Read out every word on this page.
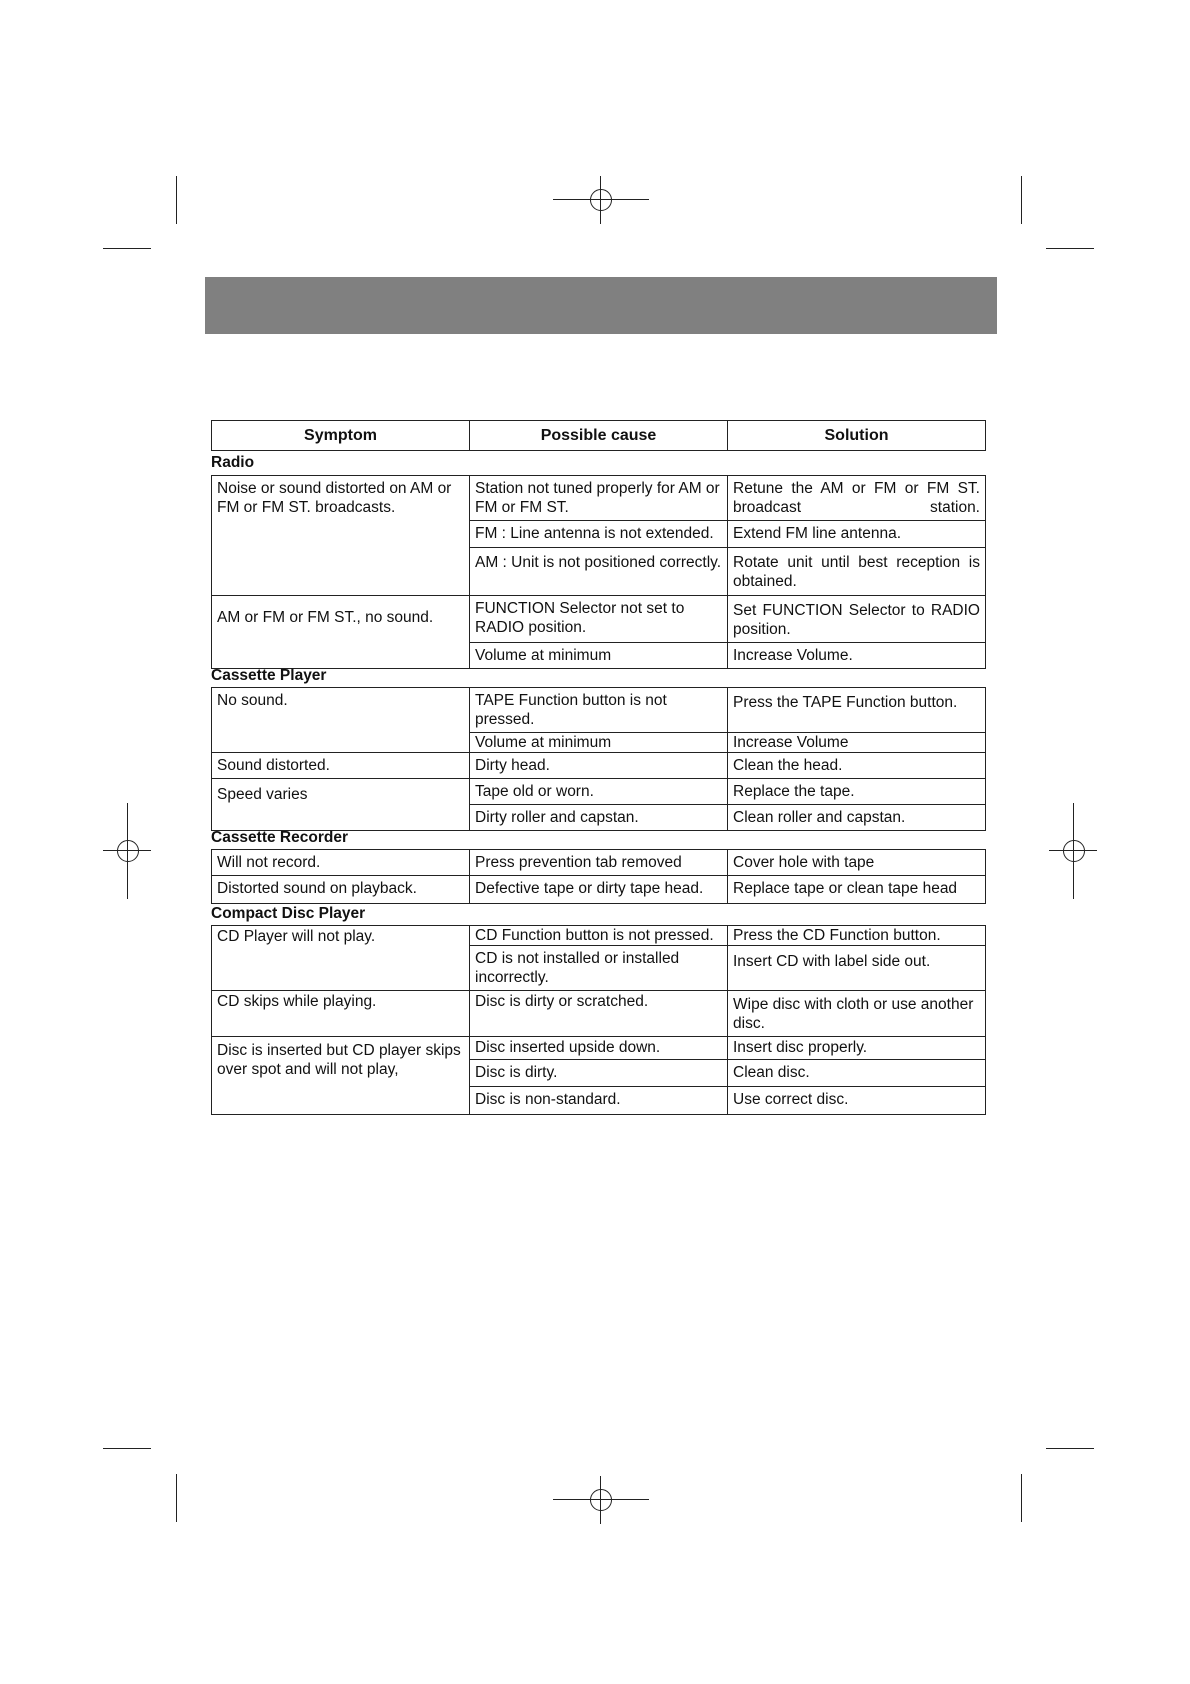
Symptom	Possible cause	Solution
Radio
Noise or sound distorted on AM or FM or FM ST. broadcasts.	Station not tuned properly for AM or FM or FM ST.	Retune the AM or FM or FM ST. broadcast station.
	FM : Line antenna is not extended.	Extend FM line antenna.
	AM : Unit is not positioned correctly.	Rotate unit until best reception is obtained.
AM or FM or FM ST., no sound.	FUNCTION Selector not set to RADIO position.	Set FUNCTION Selector to RADIO position.
	Volume at minimum	Increase Volume.
Cassette Player
No sound.	TAPE Function button is not pressed.	Press the TAPE Function button.
	Volume at minimum	Increase Volume
Sound distorted.	Dirty head.	Clean the head.
Speed varies	Tape old or worn.	Replace the tape.
	Dirty roller and capstan.	Clean roller and capstan.
Cassette Recorder
Will not record.	Press prevention tab removed	Cover hole with tape
Distorted sound on playback.	Defective tape or dirty tape head.	Replace tape or clean tape head
Compact Disc Player
CD Player will not play.	CD Function button is not pressed.	Press the CD Function button.
	CD is not installed or installed incorrectly.	Insert CD with label side out.
CD skips while playing.	Disc is dirty or scratched.	Wipe disc with cloth or use another disc.
Disc is inserted but CD player skips over spot and will not play,	Disc inserted upside down.	Insert disc properly.
	Disc is dirty.	Clean disc.
	Disc is non-standard.	Use correct disc.
